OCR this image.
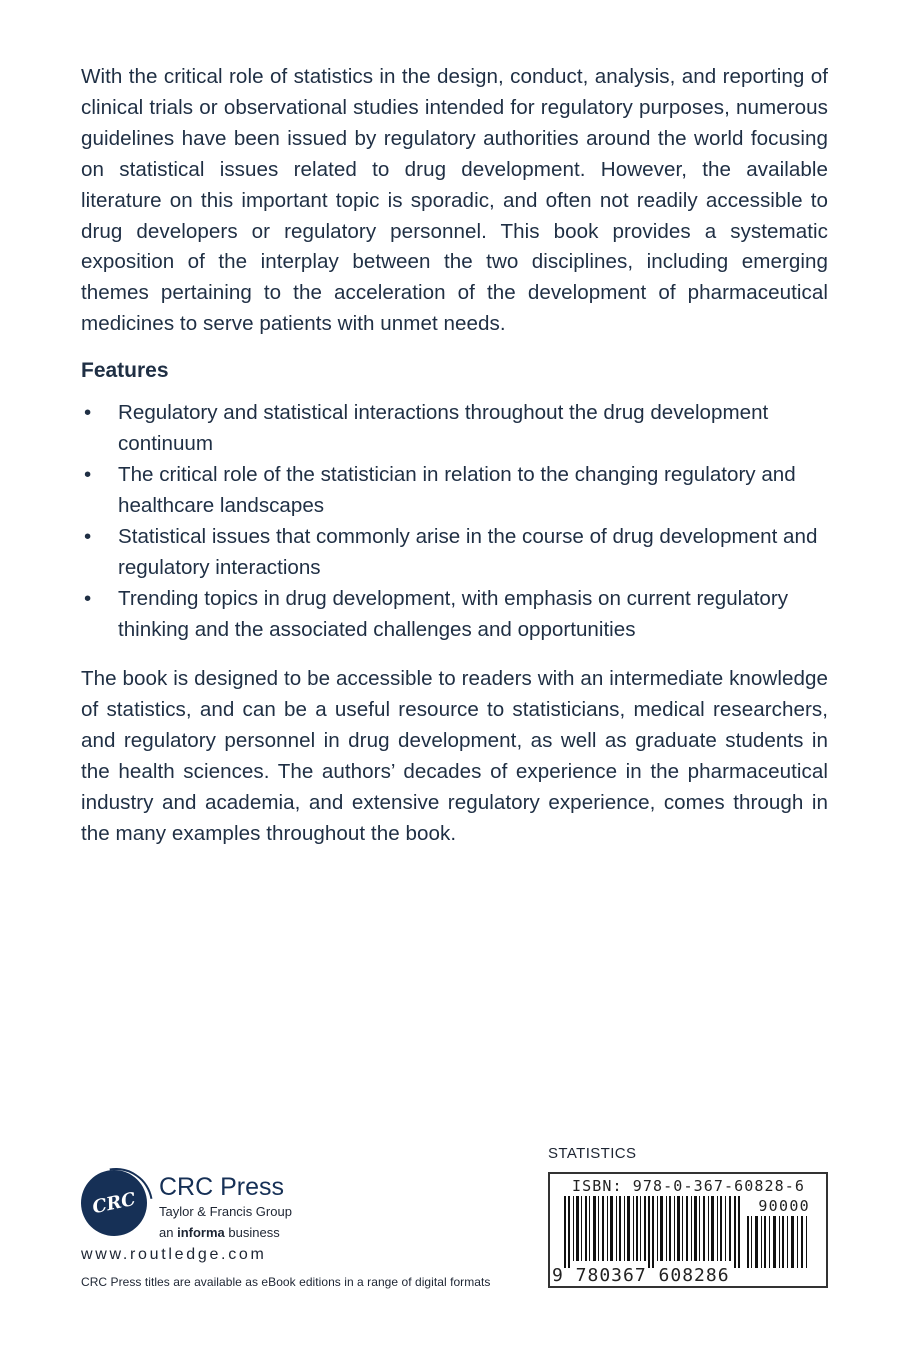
With the critical role of statistics in the design, conduct, analysis, and reporting of clinical trials or observational studies intended for regulatory purposes, numerous guidelines have been issued by regulatory authorities around the world focusing on statistical issues related to drug development. However, the available literature on this important topic is sporadic, and often not readily accessible to drug developers or regulatory personnel. This book provides a systematic exposition of the interplay between the two disciplines, including emerging themes pertaining to the acceleration of the development of pharmaceutical medicines to serve patients with unmet needs.

Features
• Regulatory and statistical interactions throughout the drug development continuum
• The critical role of the statistician in relation to the changing regulatory and healthcare landscapes
• Statistical issues that commonly arise in the course of drug development and regulatory interactions
• Trending topics in drug development, with emphasis on current regulatory thinking and the associated challenges and opportunities

The book is designed to be accessible to readers with an intermediate knowledge of statistics, and can be a useful resource to statisticians, medical researchers, and regulatory personnel in drug development, as well as graduate students in the health sciences. The authors’ decades of experience in the pharmaceutical industry and academia, and extensive regulatory experience, comes through in the many examples throughout the book.

CRC
CRC Press
Taylor & Francis Group
an informa business
www.routledge.com
CRC Press titles are available as eBook editions in a range of digital formats
STATISTICS
ISBN: 978-0-367-60828-6
90000
9 780367 608286
